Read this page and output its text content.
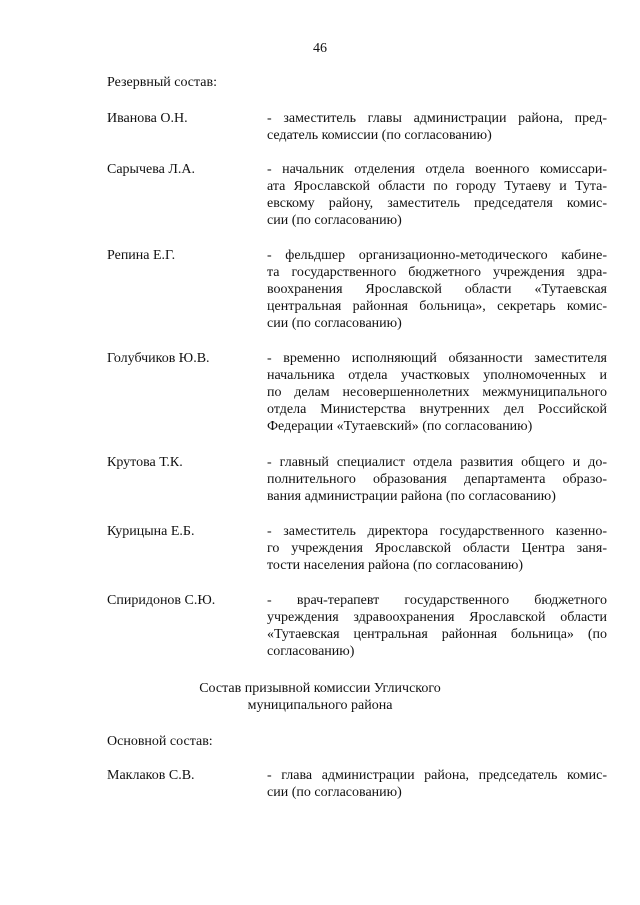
46
Резервный состав:
Иванова О.Н.	- заместитель главы администрации района, пред-
седатель комиссии (по согласованию)
Сарычева Л.А.	- начальник отделения отдела военного комиссари-
ата Ярославской области по городу Тутаеву и Тута-
евскому району, заместитель председателя комис-
сии (по согласованию)
Репина Е.Г.	- фельдшер организационно-методического кабине-
та государственного бюджетного учреждения здра-
воохранения Ярославской области «Тутаевская
центральная районная больница», секретарь комис-
сии (по согласованию)
Голубчиков Ю.В.	- временно исполняющий обязанности заместителя
начальника отдела участковых уполномоченных и
по делам несовершеннолетних межмуниципального
отдела Министерства внутренних дел Российской
Федерации «Тутаевский» (по согласованию)
Крутова Т.К.	- главный специалист отдела развития общего и до-
полнительного образования департамента образо-
вания администрации района (по согласованию)
Курицына Е.Б.	- заместитель директора государственного казенно-
го учреждения Ярославской области Центра заня-
тости населения района (по согласованию)
Спиридонов С.Ю.	- врач-терапевт государственного бюджетного
учреждения здравоохранения Ярославской области
«Тутаевская центральная районная больница» (по
согласованию)
Состав призывной комиссии Угличского
муниципального района
Основной состав:
Маклаков С.В.	- глава администрации района, председатель комис-
сии (по согласованию)
